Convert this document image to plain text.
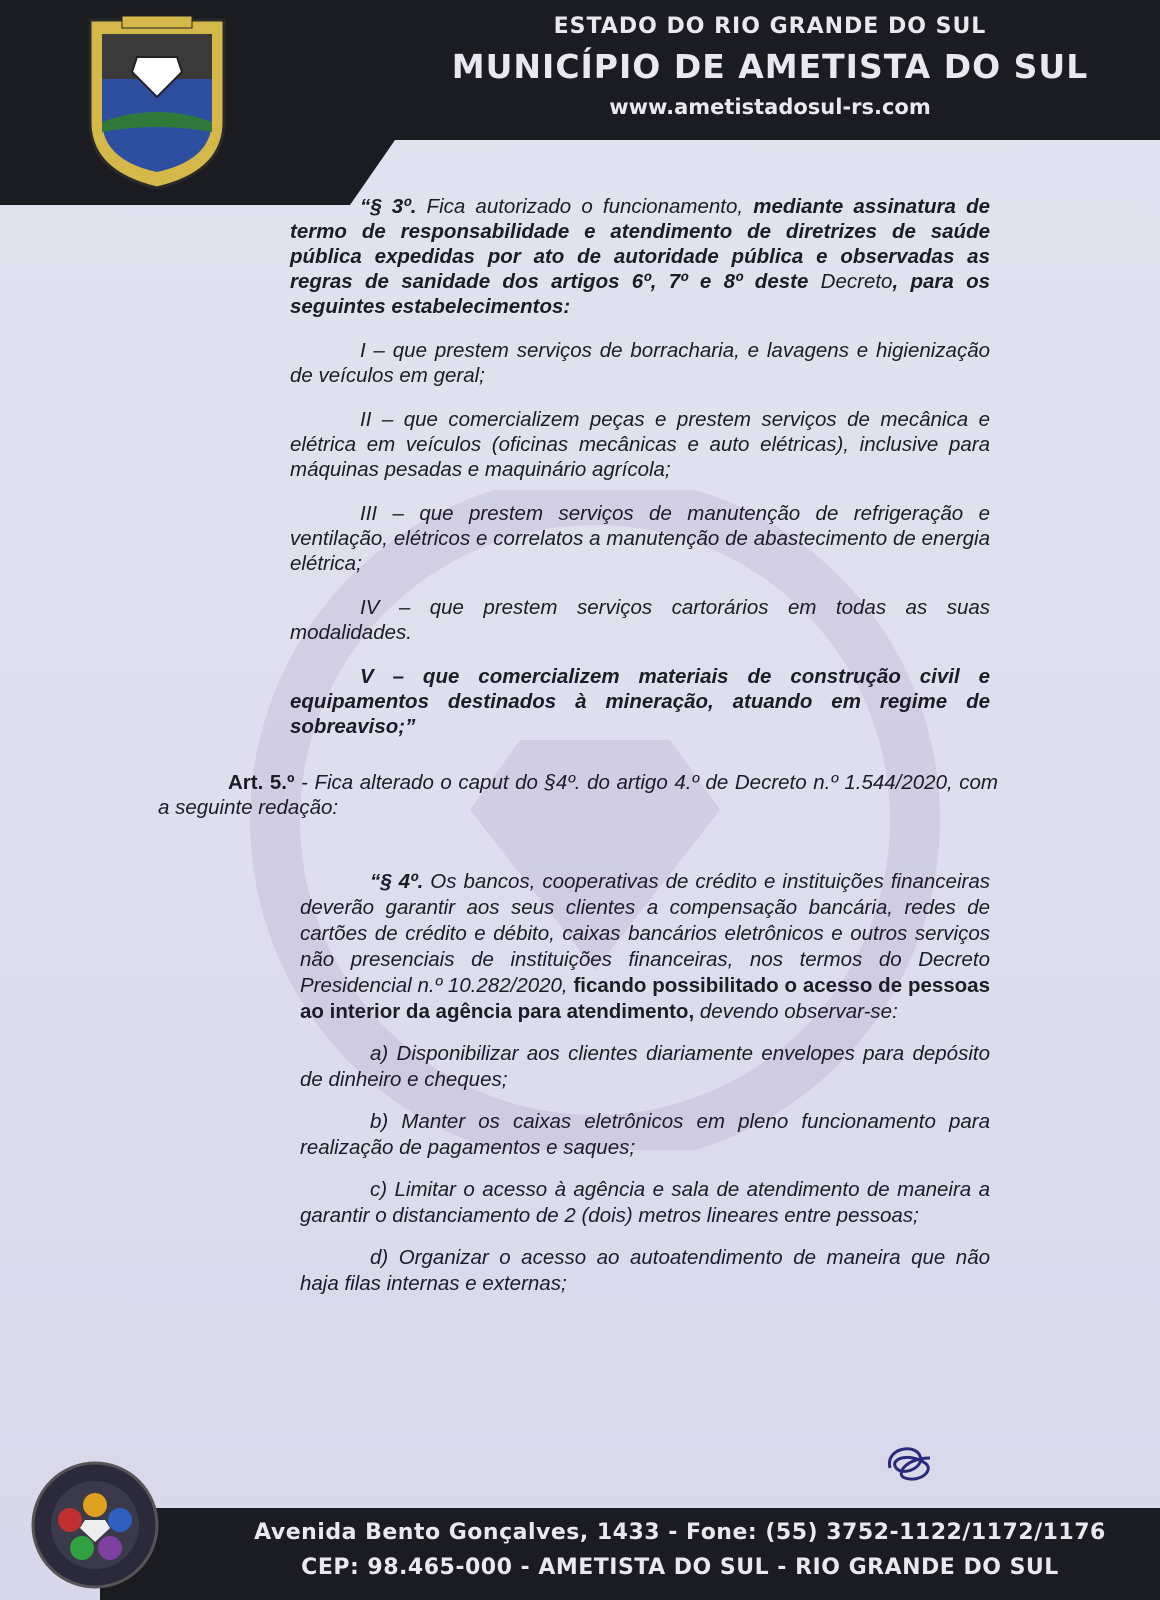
ESTADO DO RIO GRANDE DO SUL
MUNICÍPIO DE AMETISTA DO SUL
www.ametistadosul-rs.com

“§ 3º. Fica autorizado o funcionamento, mediante assinatura de termo de responsabilidade e atendimento de diretrizes de saúde pública expedidas por ato de autoridade pública e observadas as regras de sanidade dos artigos 6º, 7º e 8º deste Decreto, para os seguintes estabelecimentos:

I – que prestem serviços de borracharia, e lavagens e higienização de veículos em geral;

II – que comercializem peças e prestem serviços de mecânica e elétrica em veículos (oficinas mecânicas e auto elétricas), inclusive para máquinas pesadas e maquinário agrícola;

III – que prestem serviços de manutenção de refrigeração e ventilação, elétricos e correlatos a manutenção de abastecimento de energia elétrica;

IV – que prestem serviços cartorários em todas as suas modalidades.

V – que comercializem materiais de construção civil e equipamentos destinados à mineração, atuando em regime de sobreaviso;”

Art. 5.º - Fica alterado o caput do §4º. do artigo 4.º de Decreto n.º 1.544/2020, com a seguinte redação:

“§ 4º. Os bancos, cooperativas de crédito e instituições financeiras deverão garantir aos seus clientes a compensação bancária, redes de cartões de crédito e débito, caixas bancários eletrônicos e outros serviços não presenciais de instituições financeiras, nos termos do Decreto Presidencial n.º 10.282/2020, ficando possibilitado o acesso de pessoas ao interior da agência para atendimento, devendo observar-se:

a) Disponibilizar aos clientes diariamente envelopes para depósito de dinheiro e cheques;

b) Manter os caixas eletrônicos em pleno funcionamento para realização de pagamentos e saques;

c) Limitar o acesso à agência e sala de atendimento de maneira a garantir o distanciamento de 2 (dois) metros lineares entre pessoas;

d) Organizar o acesso ao autoatendimento de maneira que não haja filas internas e externas;

Avenida Bento Gonçalves, 1433 - Fone: (55) 3752-1122/1172/1176
CEP: 98.465-000 - AMETISTA DO SUL - RIO GRANDE DO SUL
